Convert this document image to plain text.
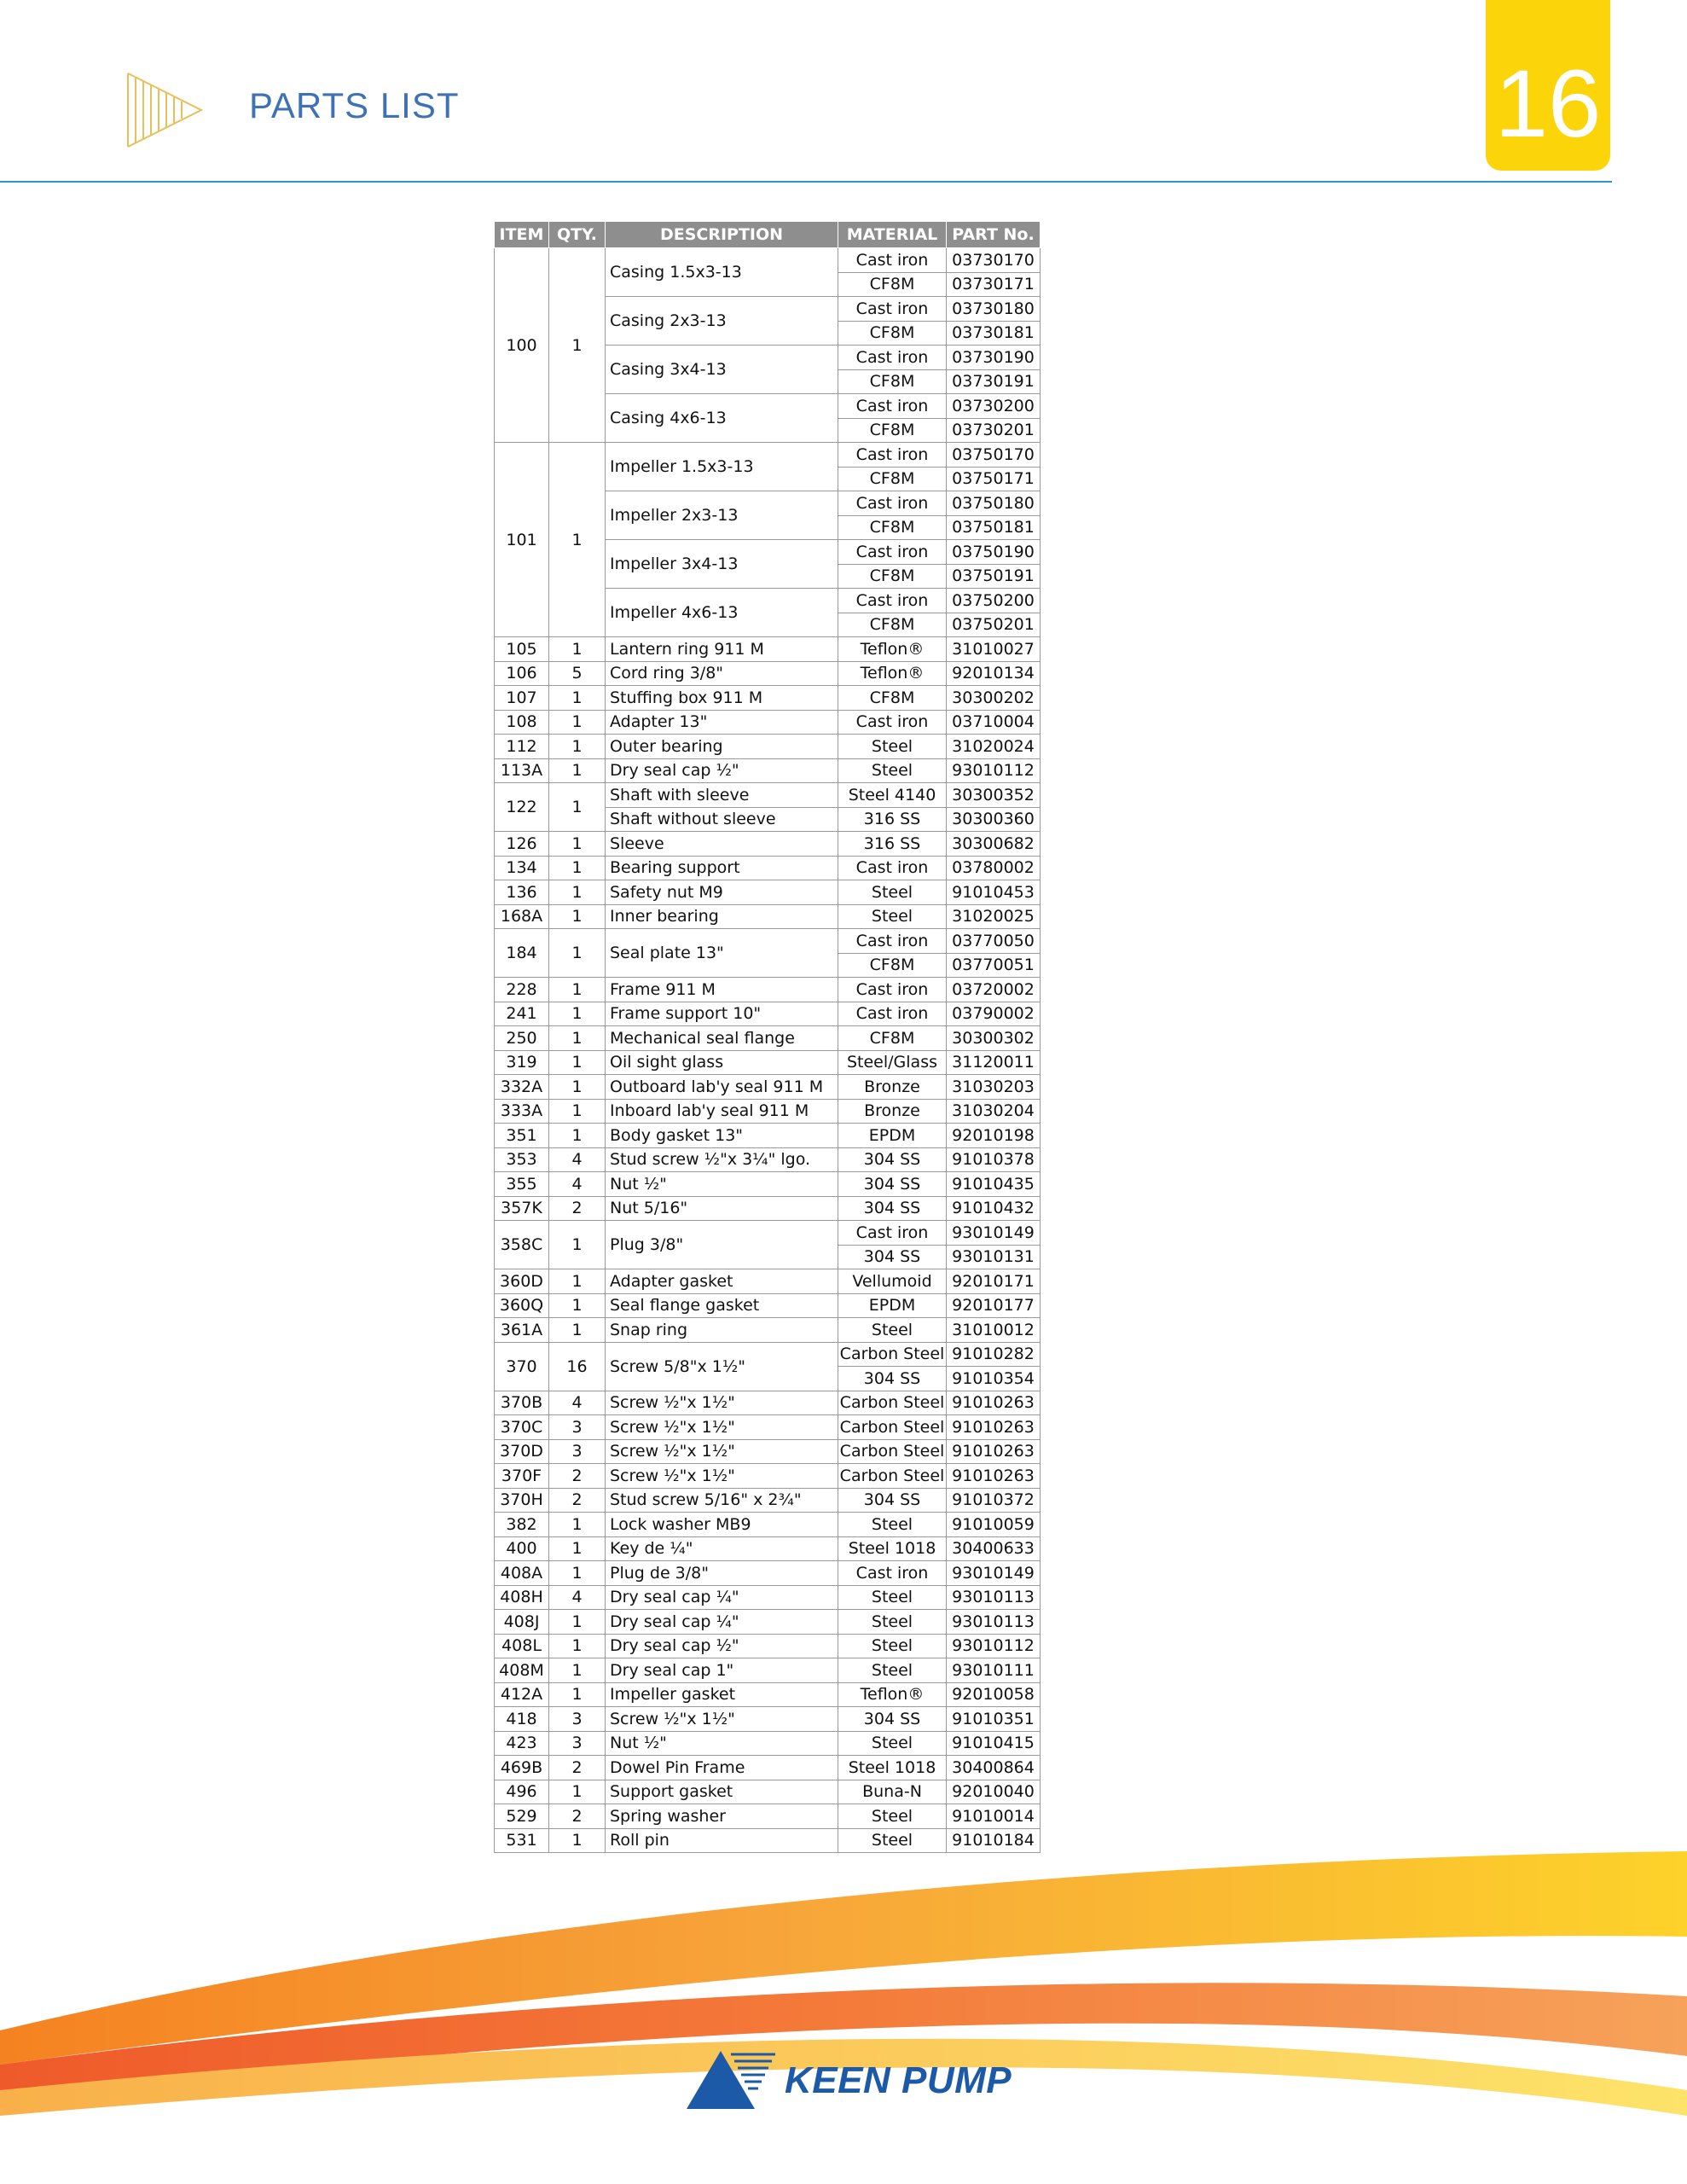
PARTS LIST	16
ITEM	QTY.	DESCRIPTION	MATERIAL	PART No.
100	1	Casing 1.5x3-13	Cast iron	03730170
			CF8M	03730171
		Casing 2x3-13	Cast iron	03730180
			CF8M	03730181
		Casing 3x4-13	Cast iron	03730190
			CF8M	03730191
		Casing 4x6-13	Cast iron	03730200
			CF8M	03730201
101	1	Impeller 1.5x3-13	Cast iron	03750170
			CF8M	03750171
		Impeller 2x3-13	Cast iron	03750180
			CF8M	03750181
		Impeller 3x4-13	Cast iron	03750190
			CF8M	03750191
		Impeller 4x6-13	Cast iron	03750200
			CF8M	03750201
105	1	Lantern ring 911 M	Teflon®	31010027
106	5	Cord ring 3/8"	Teflon®	92010134
107	1	Stuffing box 911 M	CF8M	30300202
108	1	Adapter 13"	Cast iron	03710004
112	1	Outer bearing	Steel	31020024
113A	1	Dry seal cap ½"	Steel	93010112
122	1	Shaft with sleeve	Steel 4140	30300352
		Shaft without sleeve	316 SS	30300360
126	1	Sleeve	316 SS	30300682
134	1	Bearing support	Cast iron	03780002
136	1	Safety nut M9	Steel	91010453
168A	1	Inner bearing	Steel	31020025
184	1	Seal plate 13"	Cast iron	03770050
			CF8M	03770051
228	1	Frame 911 M	Cast iron	03720002
241	1	Frame support 10"	Cast iron	03790002
250	1	Mechanical seal flange	CF8M	30300302
319	1	Oil sight glass	Steel/Glass	31120011
332A	1	Outboard lab'y seal 911 M	Bronze	31030203
333A	1	Inboard lab'y seal 911 M	Bronze	31030204
351	1	Body gasket 13"	EPDM	92010198
353	4	Stud screw ½"x 3¼" lgo.	304 SS	91010378
355	4	Nut ½"	304 SS	91010435
357K	2	Nut 5/16"	304 SS	91010432
358C	1	Plug 3/8"	Cast iron	93010149
			304 SS	93010131
360D	1	Adapter gasket	Vellumoid	92010171
360Q	1	Seal flange gasket	EPDM	92010177
361A	1	Snap ring	Steel	31010012
370	16	Screw 5/8"x 1½"	Carbon Steel	91010282
			304 SS	91010354
370B	4	Screw ½"x 1½"	Carbon Steel	91010263
370C	3	Screw ½"x 1½"	Carbon Steel	91010263
370D	3	Screw ½"x 1½"	Carbon Steel	91010263
370F	2	Screw ½"x 1½"	Carbon Steel	91010263
370H	2	Stud screw 5/16" x 2¾"	304 SS	91010372
382	1	Lock washer MB9	Steel	91010059
400	1	Key de ¼"	Steel 1018	30400633
408A	1	Plug de 3/8"	Cast iron	93010149
408H	4	Dry seal cap ¼"	Steel	93010113
408J	1	Dry seal cap ¼"	Steel	93010113
408L	1	Dry seal cap ½"	Steel	93010112
408M	1	Dry seal cap 1"	Steel	93010111
412A	1	Impeller gasket	Teflon®	92010058
418	3	Screw ½"x 1½"	304 SS	91010351
423	3	Nut ½"	Steel	91010415
469B	2	Dowel Pin Frame	Steel 1018	30400864
496	1	Support gasket	Buna-N	92010040
529	2	Spring washer	Steel	91010014
531	1	Roll pin	Steel	91010184
KEEN PUMP
